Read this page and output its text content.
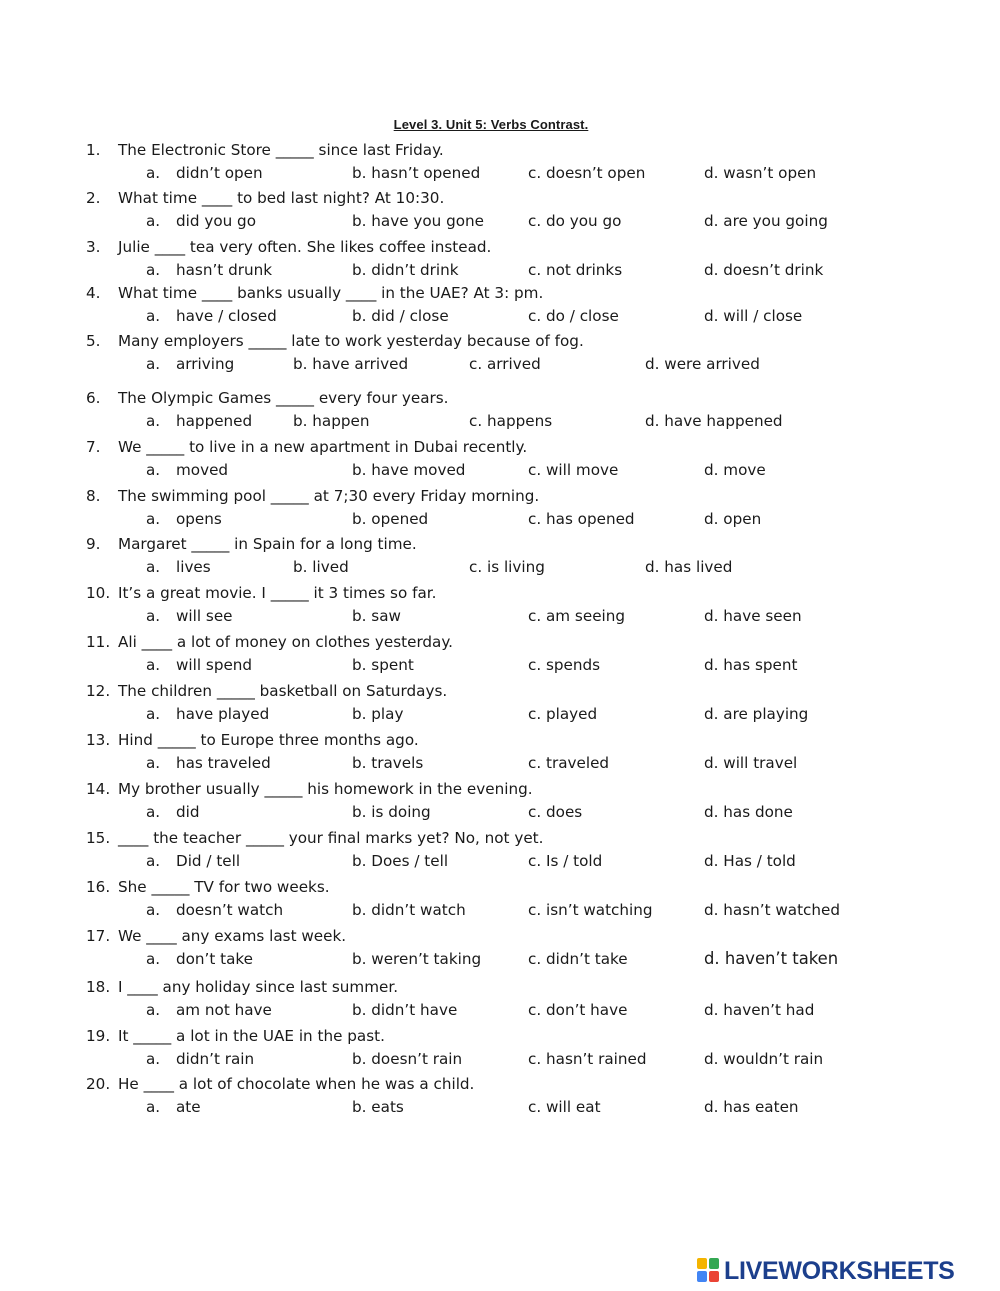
Level 3. Unit 5: Verbs Contrast.
1. The Electronic Store _____ since last Friday.
a. didn’t open	b. hasn’t opened	c. doesn’t open	d. wasn’t open
2. What time ____ to bed last night? At 10:30.
a. did you go	b. have you gone	c. do you go	d. are you going
3. Julie ____ tea very often. She likes coffee instead.
a. hasn’t drunk	b. didn’t drink	c. not drinks	d. doesn’t drink
4. What time ____ banks usually ____ in the UAE? At 3: pm.
a. have / closed	b. did / close	c. do / close	d. will / close
5. Many employers _____ late to work yesterday because of fog.
a. arriving	b. have arrived	c. arrived	d. were arrived
6. The Olympic Games _____ every four years.
a. happened	b. happen	c. happens	d. have happened
7. We _____ to live in a new apartment in Dubai recently.
a. moved	b. have moved	c. will move	d. move
8. The swimming pool _____ at 7;30 every Friday morning.
a. opens	b. opened	c. has opened	d. open
9. Margaret _____ in Spain for a long time.
a. lives	b. lived	c. is living	d. has lived
10. It’s a great movie. I _____ it 3 times so far.
a. will see	b. saw	c. am seeing	d. have seen
11. Ali ____ a lot of money on clothes yesterday.
a. will spend	b. spent	c. spends	d. has spent
12. The children _____ basketball on Saturdays.
a. have played	b. play	c. played	d. are playing
13. Hind _____ to Europe three months ago.
a. has traveled	b. travels	c. traveled	d. will travel
14. My brother usually _____ his homework in the evening.
a. did	b. is doing	c. does	d. has done
15. ____ the teacher _____ your final marks yet? No, not yet.
a. Did / tell	b. Does / tell	c. Is / told	d. Has / told
16. She _____ TV for two weeks.
a. doesn’t watch	b. didn’t watch	c. isn’t watching	d. hasn’t watched
17. We ____ any exams last week.
a. don’t take	b. weren’t taking	c. didn’t take	d. haven’t taken
18. I ____ any holiday since last summer.
a. am not have	b. didn’t have	c. don’t have	d. haven’t had
19. It _____ a lot in the UAE in the past.
a. didn’t rain	b. doesn’t rain	c. hasn’t rained	d. wouldn’t rain
20. He ____ a lot of chocolate when he was a child.
a. ate	b. eats	c. will eat	d. has eaten
LIVEWORKSHEETS
